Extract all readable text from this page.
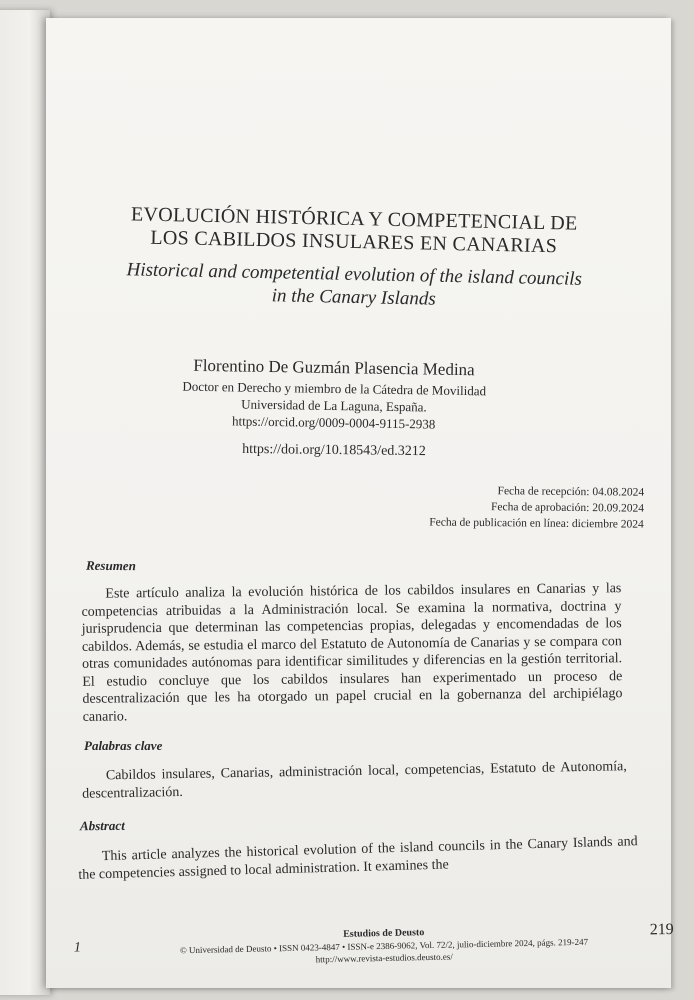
EVOLUCIÓN HISTÓRICA Y COMPETENCIAL DE
LOS CABILDOS INSULARES EN CANARIAS
Historical and competential evolution of the island councils
in the Canary Islands
Florentino De Guzmán Plasencia Medina
Doctor en Derecho y miembro de la Cátedra de Movilidad
Universidad de La Laguna, España.
https://orcid.org/0009-0004-9115-2938
https://doi.org/10.18543/ed.3212
Fecha de recepción: 04.08.2024
Fecha de aprobación: 20.09.2024
Fecha de publicación en línea: diciembre 2024
Resumen
Este artículo analiza la evolución histórica de los cabildos insulares en Canarias y las competencias atribuidas a la Administración local. Se examina la normativa, doctrina y jurisprudencia que determinan las competencias propias, delegadas y encomendadas de los cabildos. Además, se estudia el marco del Estatuto de Autonomía de Canarias y se compara con otras comunidades autónomas para identificar similitudes y diferencias en la gestión territorial. El estudio concluye que los cabildos insulares han experimentado un proceso de descentralización que les ha otorgado un papel crucial en la gobernanza del archipiélago canario.
Palabras clave
Cabildos insulares, Canarias, administración local, competencias, Estatuto de Autonomía, descentralización.
Abstract
This article analyzes the historical evolution of the island councils in the Canary Islands and the competencies assigned to local administration. It examines the
1
Estudios de Deusto
© Universidad de Deusto • ISSN 0423-4847 • ISSN-e 2386-9062, Vol. 72/2, julio-diciembre 2024, págs. 219-247
http://www.revista-estudios.deusto.es/
219
